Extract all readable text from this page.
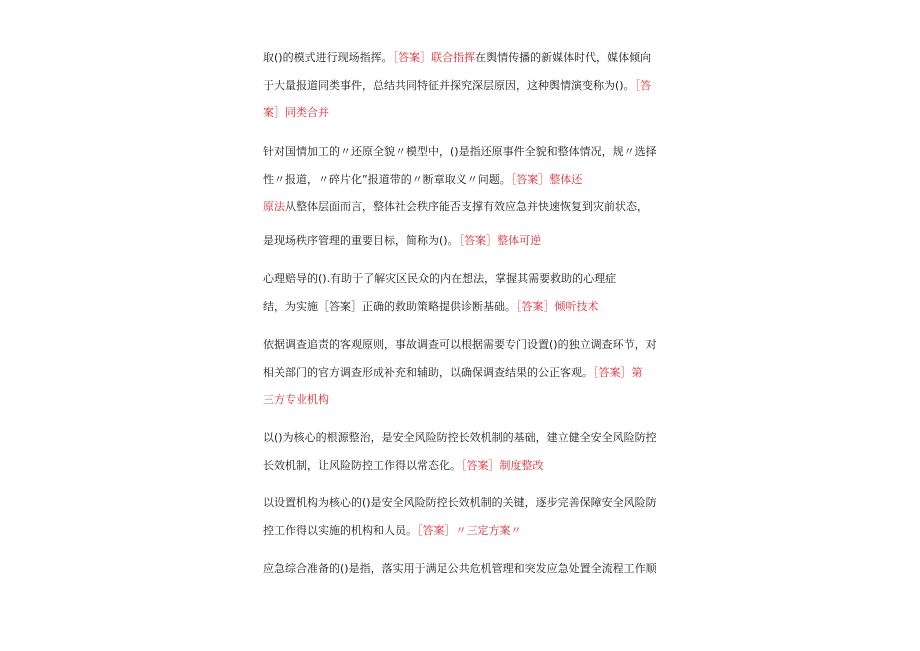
取()的模式进行现场指挥。［答案］联合指挥在舆情传播的新媒体时代，媒体倾向
于大量报道同类事件，总结共同特征并探究深层原因，这种舆情演变称为()。［答
案］同类合并
针对国情加工的〃还原全貌〃模型中，()是指还原事件全貌和整体情况，规〃选择
性〃报道，〃碎片化”报道带的〃断章取义〃问题。［答案］整体还
原法从整体层面而言，整体社会秩序能否支撑有效应急并快速恢复到灾前状态，
是现场秩序管理的重要目标，简称为()。［答案］整体可逆
心理赔导的().有助于了解灾区民众的内在想法，掌握其需要救助的心理症
结，为实施［答案］正确的救助策略提供诊断基础。［答案］倾听技术
依据调查追责的客观原则，事故调查可以根据需要专门设置()的独立调查环节，对
相关部门的官方调查形成补充和辅助，以确保调查结果的公正客观。［答案］第
三方专业机构
以()为核心的根源整治，是安全风险防控长效机制的基础，建立健全安全风险防控
长效机制，让风险防控工作得以常态化。［答案］制度整改
以设置机构为核心的()是安全风险防控长效机制的关键，逐步完善保障安全风险防
控工作得以实施的机构和人员。［答案］〃三定方案〃
应急综合准备的()是指，落实用于满足公共危机管理和突发应急处置全流程工作顺
